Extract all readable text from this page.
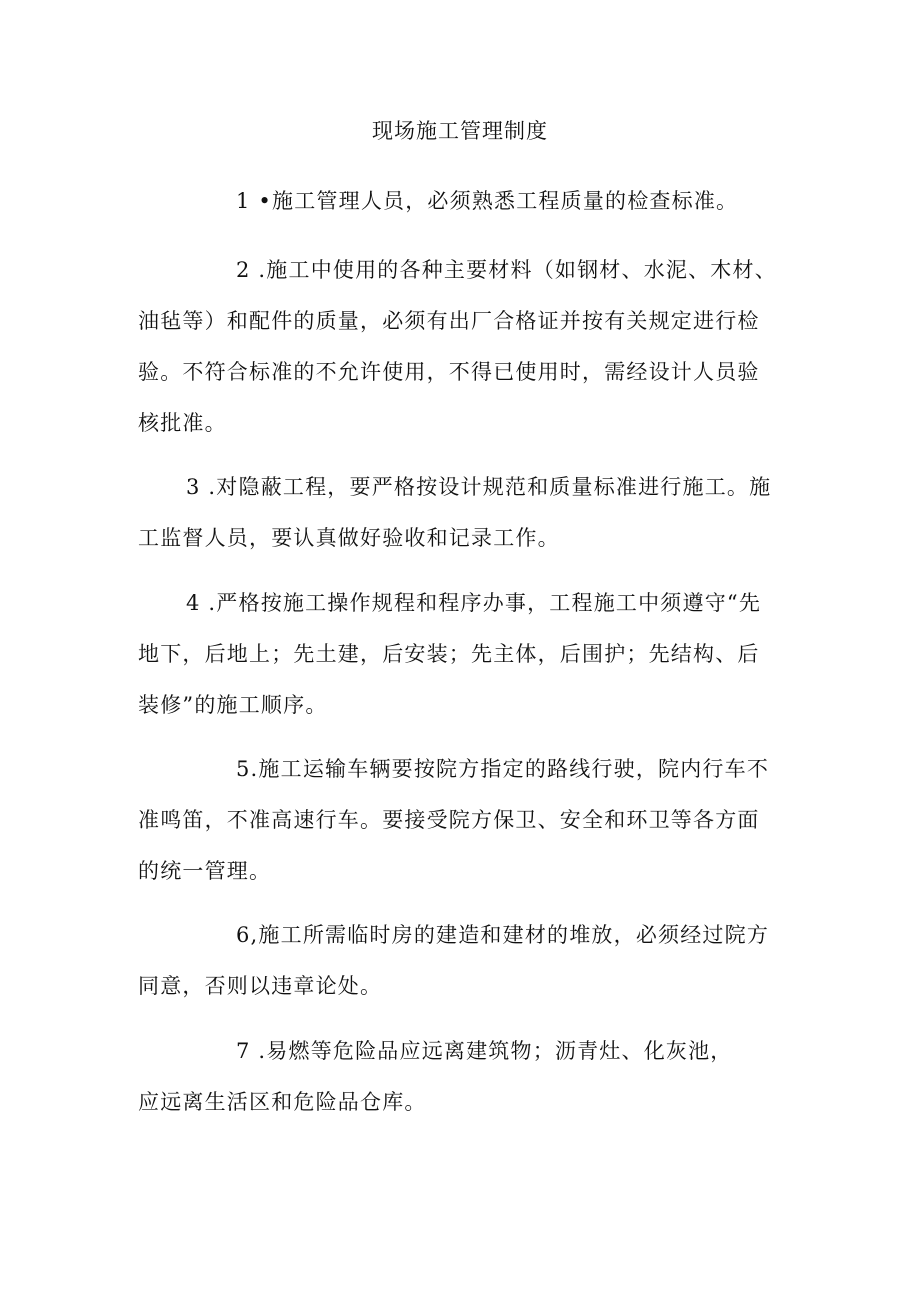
现场施工管理制度

1 •施工管理人员，必须熟悉工程质量的检查标准。

2 .施工中使用的各种主要材料（如钢材、水泥、木材、
油毡等）和配件的质量，必须有出厂合格证并按有关规定进行检
验。不符合标准的不允许使用，不得已使用时，需经设计人员验
核批准。

3 .对隐蔽工程，要严格按设计规范和质量标准进行施工。施
工监督人员，要认真做好验收和记录工作。

4 .严格按施工操作规程和程序办事，工程施工中须遵守“先
地下，后地上；先土建，后安装；先主体，后围护；先结构、后
装修”的施工顺序。

5.施工运输车辆要按院方指定的路线行驶，院内行车不
准鸣笛，不准高速行车。要接受院方保卫、安全和环卫等各方面
的统一管理。

6,施工所需临时房的建造和建材的堆放，必须经过院方
同意，否则以违章论处。

7 .易燃等危险品应远离建筑物；沥青灶、化灰池，
应远离生活区和危险品仓库。
